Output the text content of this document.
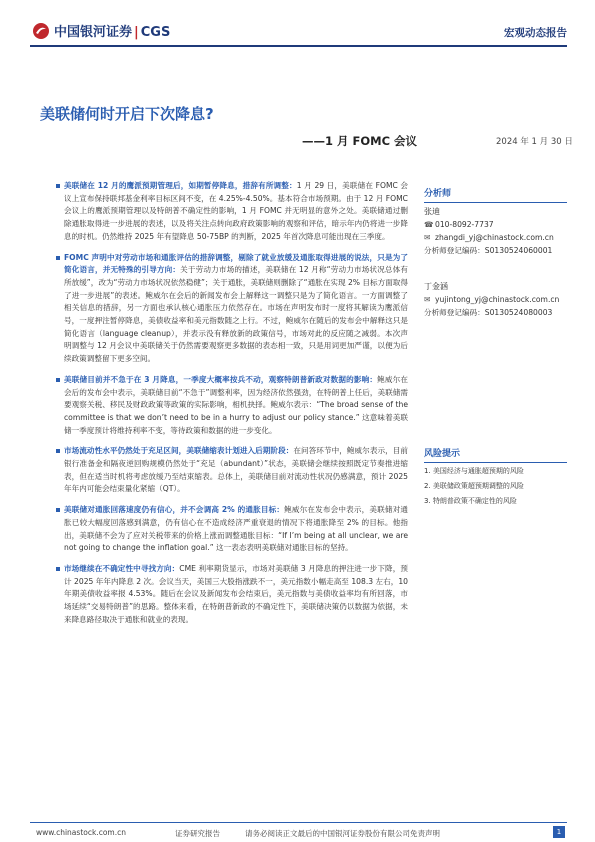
中国银河证券 | CGS	宏观动态报告
美联储何时开启下次降息?
——1 月 FOMC 会议	2024 年 1 月 30 日
美联储在 12 月的鹰派预期管理后，如期暂停降息，措辞有所调整：1 月 29 日，美联储在 FOMC 会议上宣布保持联邦基金利率目标区间不变，在 4.25%-4.50%。基本符合市场预期。由于 12 月 FOMC 会议上的鹰派预期管理以及特朗普不确定性的影响，1 月 FOMC 并无明显的意外之处。美联储通过删除通胀取得进一步进展的表述，以及将关注点转向政府政策影响的观察和评估，暗示年内仍将进一步降息的时机。仍然维持 2025 年有望降息 50-75BP 的判断，2025 年首次降息可能出现在三季度。
FOMC 声明中对劳动市场和通胀评估的措辞调整，剔除了就业放缓及通胀取得进展的说法，只是为了简化语言，并无特殊的引导方向：关于劳动力市场的描述，美联储在 12 月称“劳动力市场状况总体有所放缓”，改为“劳动力市场状况依然稳健”；关于通胀，美联储则删除了“通胀在实现 2% 目标方面取得了进一步进展”的表述。鲍威尔在会后的新闻发布会上解释这一调整只是为了简化语言。一方面调整了相关信息的措辞，另一方面也承认核心通胀压力依然存在。市场在声明发布时一度将其解读为鹰派信号，一度押注暂停降息，美债收益率和美元指数随之上行。不过，鲍威尔在随后的发布会中解释这只是简化语言（language cleanup），并表示没有释放新的政策信号，市场对此的反应随之减弱。本次声明调整与 12 月会议中美联储关于仍然需要观察更多数据的表态相一致，只是用词更加严谨，以便为后续政策调整留下更多空间。
美联储目前并不急于在 3 月降息，一季度大概率按兵不动，观察特朗普新政对数据的影响：鲍威尔在会后的发布会中表示，美联储目前“不急于”调整利率，因为经济依然强劲，在特朗普上任后，美联储需要观察关税、移民及财政政策等政策的实际影响，相机抉择。鲍威尔表示：“The broad sense of the committee is that we don’t need to be in a hurry to adjust our policy stance.” 这意味着美联储一季度预计将维持利率不变，等待政策和数据的进一步变化。
市场流动性水平仍然处于充足区间，美联储缩表计划进入后期阶段：在问答环节中，鲍威尔表示，目前银行准备金和隔夜逆回购规模仍然处于“充足（abundant）”状态，美联储会继续按照既定节奏推进缩表，但在适当时机将考虑放缓乃至结束缩表。总体上，美联储目前对流动性状况仍感满意，预计 2025 年年内可能会结束量化紧缩（QT）。
美联储对通胀回落速度仍有信心，并不会调高 2% 的通胀目标：鲍威尔在发布会中表示，美联储对通胀已较大幅度回落感到满意，仍有信心在不造成经济严重衰退的情况下将通胀降至 2% 的目标。他指出，美联储不会为了应对关税带来的价格上涨而调整通胀目标：“If I’m being at all unclear, we are not going to change the inflation goal.” 这一表态表明美联储对通胀目标的坚持。
市场继续在不确定性中寻找方向：CME 利率期货显示，市场对美联储 3 月降息的押注进一步下降，预计 2025 年年内降息 2 次。会议当天，美国三大股指涨跌不一，美元指数小幅走高至 108.3 左右，10 年期美债收益率报 4.53%。随后在会议及新闻发布会结束后，美元指数与美债收益率均有所回落，市场延续“交易特朗普”的思路。整体来看，在特朗普新政的不确定性下，美联储决策仍以数据为依据，未来降息路径取决于通胀和就业的表现。
分析师
张迪
☎ 010-8092-7737
✉ zhangdi_yj@chinastock.com.cn
分析师登记编码：S0130524060001
丁金涵
✉ yujintong_yj@chinastock.com.cn
分析师登记编码：S0130524080003
风险提示
1. 美国经济与通胀超预期的风险
2. 美联储政策超预期调整的风险
3. 特朗普政策不确定性的风险
www.chinastock.com.cn	证券研究报告	请务必阅读正文最后的中国银河证券股份有限公司免责声明	1
